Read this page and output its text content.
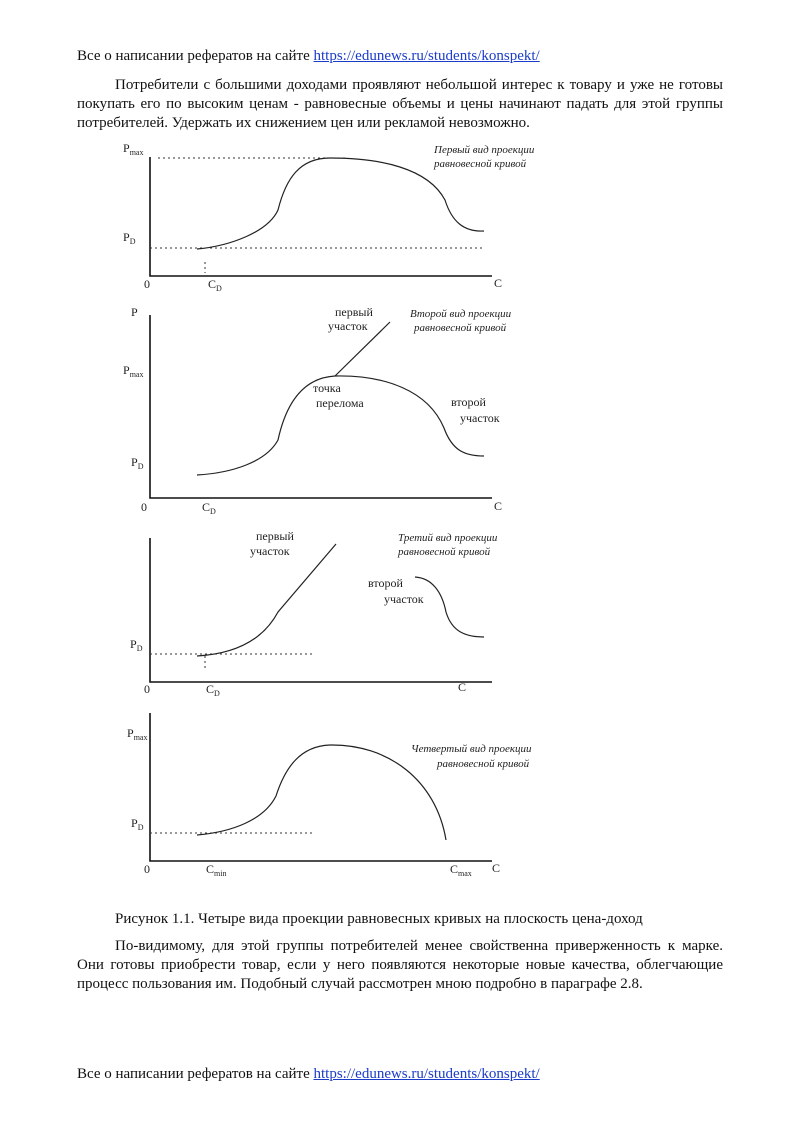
Все о написании рефератов на сайте https://edunews.ru/students/konspekt/

Потребители с большими доходами проявляют небольшой интерес к товару и уже не готовы покупать его по высоким ценам - равновесные объемы и цены начинают падать для этой группы потребителей. Удержать их снижением цен или рекламой невозможно.

$P_{max}$
$P_D$
0	$C_D$	C
Первый вид проекции
равновесной кривой
P
$P_{max}$
$P_D$
0	$C_D$	C
первый
участок
Второй вид проекции
равновесной кривой
точка
перелома	второй
участок
$P_D$
0	$C_D$	C
первый
участок
Третий вид проекции
равновесной кривой
второй
участок
$P_{max}$
$P_D$
0	$C_{min}$	$C_{max}$ C
Четвертый вид проекции
равновесной кривой
Рисунок 1.1. Четыре вида проекции равновесных кривых на плоскость цена-доход

По-видимому, для этой группы потребителей менее свойственна приверженность к марке. Они готовы приобрести товар, если у него появляются некоторые новые качества, облегчающие процесс пользования им. Подобный случай рассмотрен мною подробно в параграфе 2.8.

Все о написании рефератов на сайте https://edunews.ru/students/konspekt/
